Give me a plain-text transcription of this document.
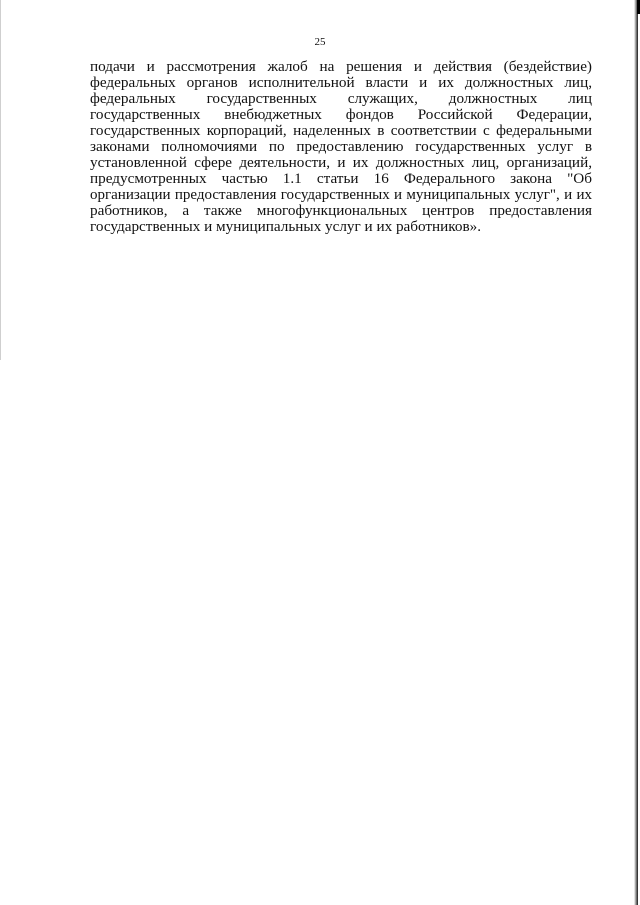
25

подачи и рассмотрения жалоб на решения и действия (бездействие)
федеральных органов исполнительной власти и их должностных лиц,
федеральных государственных служащих, должностных лиц
государственных внебюджетных фондов Российской Федерации,
государственных корпораций, наделенных в соответствии с федеральными
законами полномочиями по предоставлению государственных услуг в
установленной сфере деятельности, и их должностных лиц, организаций,
предусмотренных частью 1.1 статьи 16 Федерального закона "Об
организации предоставления государственных и муниципальных услуг", и их
работников, а также многофункциональных центров предоставления
государственных и муниципальных услуг и их работников».
